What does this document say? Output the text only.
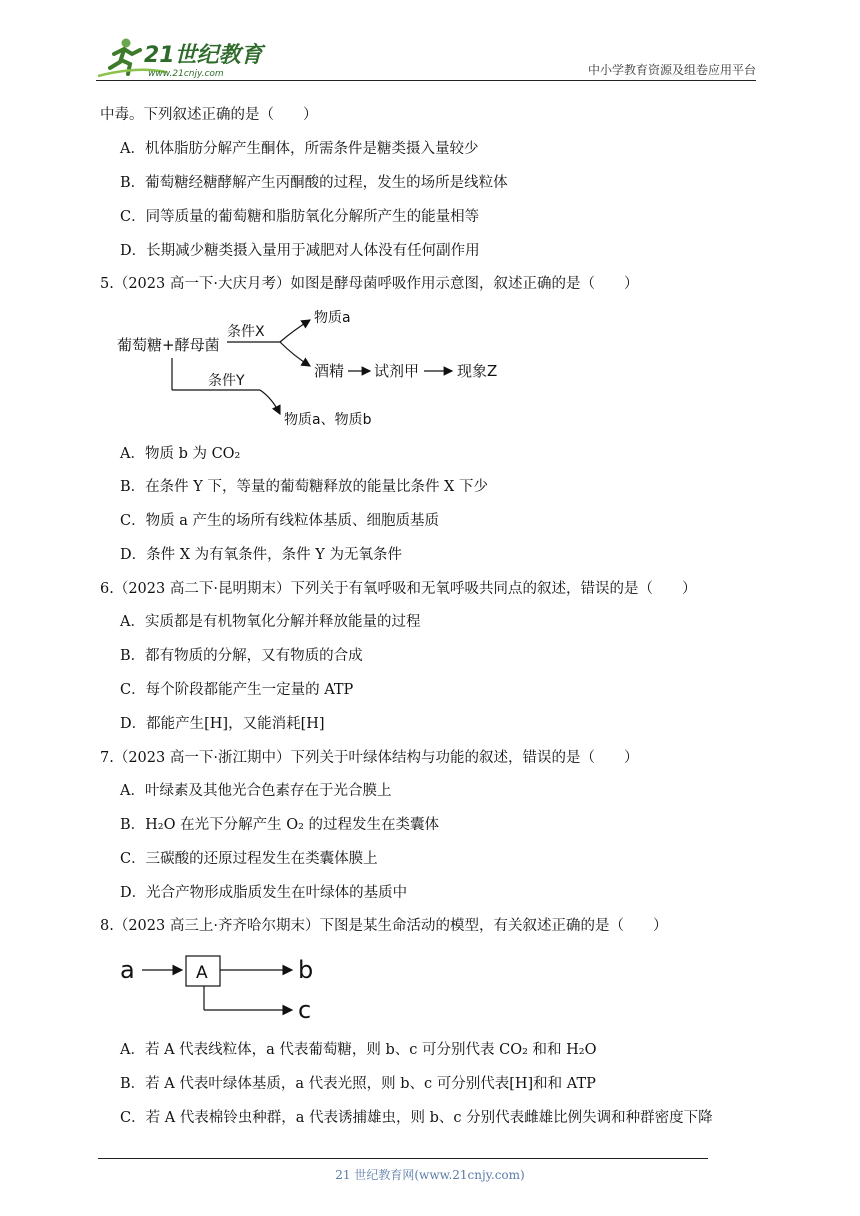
21世纪教育
www.21cnjy.com	中小学教育资源及组卷应用平台
中毒。下列叙述正确的是（　　）
A．机体脂肪分解产生酮体，所需条件是糖类摄入量较少
B．葡萄糖经糖酵解产生丙酮酸的过程，发生的场所是线粒体
C．同等质量的葡萄糖和脂肪氧化分解所产生的能量相等
D．长期减少糖类摄入量用于减肥对人体没有任何副作用
5.（2023 高一下·大庆月考）如图是酵母菌呼吸作用示意图，叙述正确的是（　　）
葡萄糖+酵母菌
条件X
物质a
酒精 试剂甲	现象Z
条件Y
物质a、物质b
A．物质 b 为 CO₂
B．在条件 Y 下，等量的葡萄糖释放的能量比条件 X 下少
C．物质 a 产生的场所有线粒体基质、细胞质基质
D．条件 X 为有氧条件，条件 Y 为无氧条件
6.（2023 高二下·昆明期末）下列关于有氧呼吸和无氧呼吸共同点的叙述，错误的是（　　）
A．实质都是有机物氧化分解并释放能量的过程
B．都有物质的分解，又有物质的合成
C．每个阶段都能产生一定量的 ATP
D．都能产生[H]，又能消耗[H]
7.（2023 高一下·浙江期中）下列关于叶绿体结构与功能的叙述，错误的是（　　）
A．叶绿素及其他光合色素存在于光合膜上
B．H₂O 在光下分解产生 O₂ 的过程发生在类囊体
C．三碳酸的还原过程发生在类囊体膜上
D．光合产物形成脂质发生在叶绿体的基质中
8.（2023 高三上·齐齐哈尔期末）下图是某生命活动的模型，有关叙述正确的是（　　）
a	A	b
c
A．若 A 代表线粒体，a 代表葡萄糖，则 b、c 可分别代表 CO₂ 和和 H₂O
B．若 A 代表叶绿体基质，a 代表光照，则 b、c 可分别代表[H]和和 ATP
C．若 A 代表棉铃虫种群，a 代表诱捕雄虫，则 b、c 分别代表雌雄比例失调和种群密度下降
21 世纪教育网(www.21cnjy.com)
